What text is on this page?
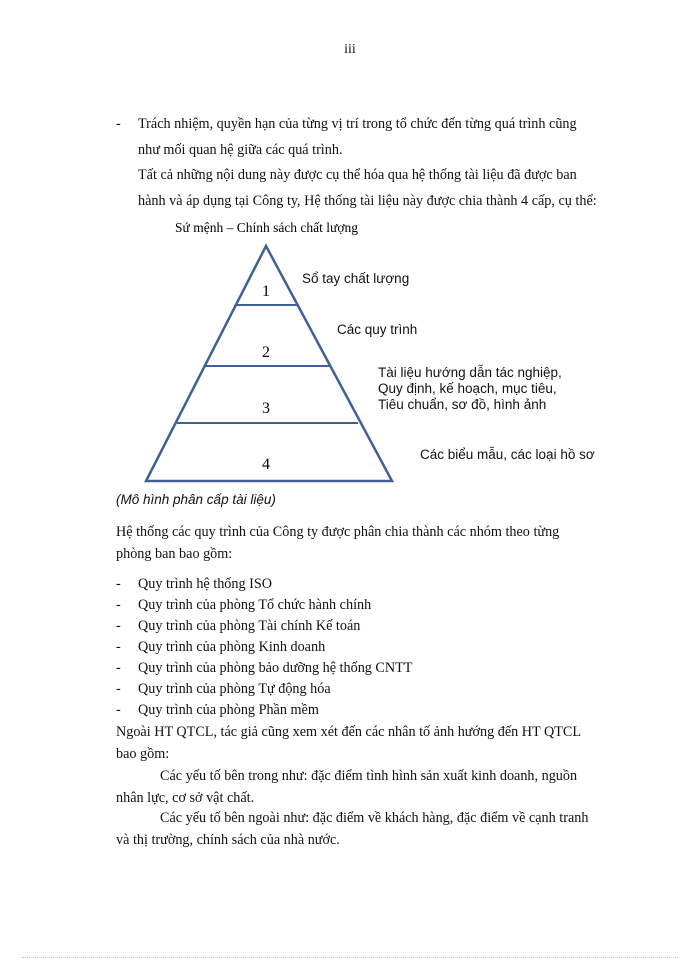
iii
- Trách nhiệm, quyền hạn của từng vị trí trong tổ chức đến từng quá trình cũng
như mối quan hệ giữa các quá trình.
Tất cả những nội dung này được cụ thể hóa qua hệ thống tài liệu đã được ban
hành và áp dụng tại Công ty, Hệ thống tài liệu này được chia thành 4 cấp, cụ thể:
Sứ mệnh – Chính sách chất lượng
1
2
3
4
Sổ tay chất lượng
Các quy trình
Tài liệu hướng dẫn tác nghiệp,
Quy định, kế hoạch, mục tiêu,
Tiêu chuẩn, sơ đồ, hình ảnh
Các biểu mẫu, các loại hồ sơ
(Mô hình phân cấp tài liệu)
Hệ thống các quy trình của Công ty được phân chia thành các nhóm theo từng
phòng ban bao gồm:
- Quy trình hệ thống ISO
- Quy trình của phòng Tổ chức hành chính
- Quy trình của phòng Tài chính Kế toán
- Quy trình của phòng Kinh doanh
- Quy trình của phòng bảo dưỡng hệ thống CNTT
- Quy trình của phòng Tự động hóa
- Quy trình của phòng Phần mềm
Ngoài HT QTCL, tác giả cũng xem xét đến các nhân tố ảnh hướng đến HT QTCL
bao gồm:
Các yếu tố bên trong như: đặc điểm tình hình sản xuất kinh doanh, nguồn
nhân lực, cơ sở vật chất.
Các yếu tố bên ngoài như: đặc điểm về khách hàng, đặc điểm về cạnh tranh
và thị trường, chính sách của nhà nước.
